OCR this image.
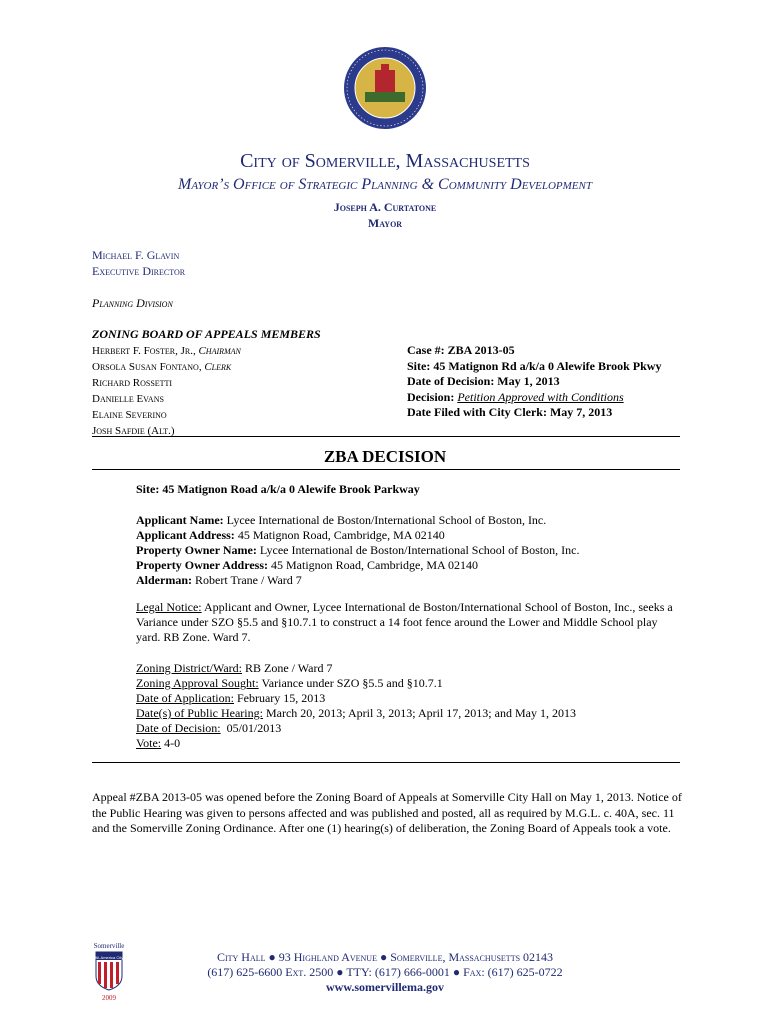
City of Somerville, Massachusetts
Mayor’s Office of Strategic Planning & Community Development
Joseph A. Curtatone
Mayor
Michael F. Glavin
Executive Director
Planning Division
ZONING BOARD OF APPEALS MEMBERS
Herbert F. Foster, Jr., Chairman
Orsola Susan Fontano, Clerk
Richard Rossetti
Danielle Evans
Elaine Severino
Josh Safdie (Alt.)
Case #: ZBA 2013-05
Site: 45 Matignon Rd a/k/a 0 Alewife Brook Pkwy
Date of Decision: May 1, 2013
Decision: Petition Approved with Conditions
Date Filed with City Clerk: May 7, 2013
ZBA DECISION
Site: 45 Matignon Road a/k/a 0 Alewife Brook Parkway
Applicant Name: Lycee International de Boston/International School of Boston, Inc.
Applicant Address: 45 Matignon Road, Cambridge, MA 02140
Property Owner Name: Lycee International de Boston/International School of Boston, Inc.
Property Owner Address: 45 Matignon Road, Cambridge, MA 02140
Alderman: Robert Trane / Ward 7
Legal Notice: Applicant and Owner, Lycee International de Boston/International School of Boston, Inc., seeks a Variance under SZO §5.5 and §10.7.1 to construct a 14 foot fence around the Lower and Middle School play yard. RB Zone. Ward 7.
Zoning District/Ward: RB Zone / Ward 7
Zoning Approval Sought: Variance under SZO §5.5 and §10.7.1
Date of Application: February 15, 2013
Date(s) of Public Hearing: March 20, 2013; April 3, 2013; April 17, 2013; and May 1, 2013
Date of Decision:  05/01/2013
Vote: 4-0
Appeal #ZBA 2013-05 was opened before the Zoning Board of Appeals at Somerville City Hall on May 1, 2013. Notice of the Public Hearing was given to persons affected and was published and posted, all as required by M.G.L. c. 40A, sec. 11 and the Somerville Zoning Ordinance. After one (1) hearing(s) of deliberation, the Zoning Board of Appeals took a vote.
Somerville
All-America City
2009
City Hall ● 93 Highland Avenue ● Somerville, Massachusetts 02143
(617) 625-6600 Ext. 2500 ● TTY: (617) 666-0001 ● Fax: (617) 625-0722
www.somervillema.gov
